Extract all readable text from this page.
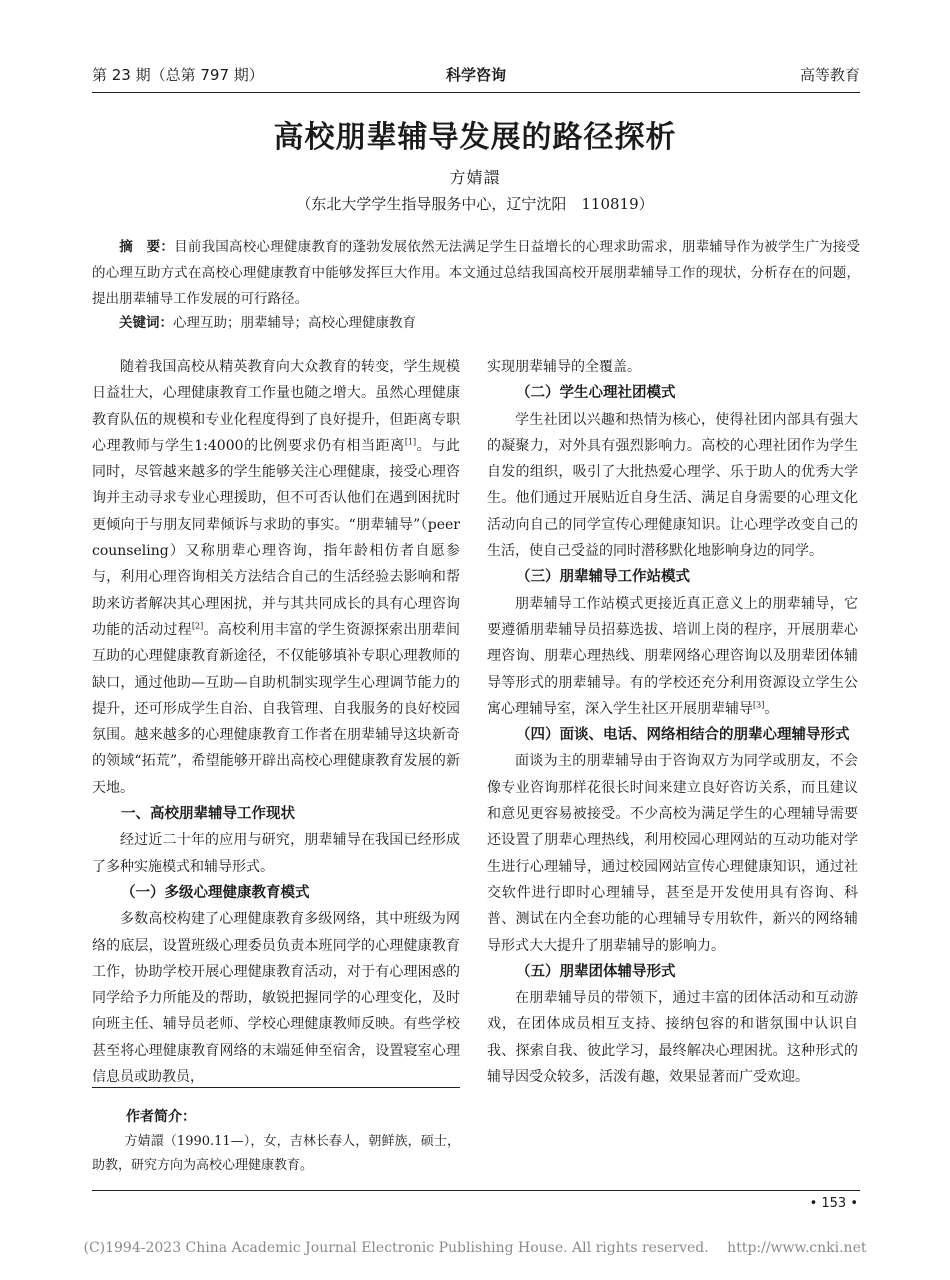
第 23 期（总第 797 期）	科学咨询	高等教育
高校朋辈辅导发展的路径探析
方婧譞
（东北大学学生指导服务中心，辽宁沈阳　110819）
摘　要：目前我国高校心理健康教育的蓬勃发展依然无法满足学生日益增长的心理求助需求，朋辈辅导作为被学生广为接受的心理互助方式在高校心理健康教育中能够发挥巨大作用。本文通过总结我国高校开展朋辈辅导工作的现状，分析存在的问题，提出朋辈辅导工作发展的可行路径。
关键词：心理互助；朋辈辅导；高校心理健康教育

随着我国高校从精英教育向大众教育的转变，学生规模日益壮大，心理健康教育工作量也随之增大。虽然心理健康教育队伍的规模和专业化程度得到了良好提升，但距离专职心理教师与学生1:4000的比例要求仍有相当距离[1]。与此同时，尽管越来越多的学生能够关注心理健康，接受心理咨询并主动寻求专业心理援助，但不可否认他们在遇到困扰时更倾向于与朋友同辈倾诉与求助的事实。“朋辈辅导”（peer counseling）又称朋辈心理咨询，指年龄相仿者自愿参与，利用心理咨询相关方法结合自己的生活经验去影响和帮助来访者解决其心理困扰，并与其共同成长的具有心理咨询功能的活动过程[2]。高校利用丰富的学生资源探索出朋辈间互助的心理健康教育新途径，不仅能够填补专职心理教师的缺口，通过他助—互助—自助机制实现学生心理调节能力的提升，还可形成学生自治、自我管理、自我服务的良好校园氛围。越来越多的心理健康教育工作者在朋辈辅导这块新奇的领域“拓荒”，希望能够开辟出高校心理健康教育发展的新天地。

一、高校朋辈辅导工作现状

经过近二十年的应用与研究，朋辈辅导在我国已经形成了多种实施模式和辅导形式。

（一）多级心理健康教育模式

多数高校构建了心理健康教育多级网络，其中班级为网络的底层，设置班级心理委员负责本班同学的心理健康教育工作，协助学校开展心理健康教育活动，对于有心理困惑的同学给予力所能及的帮助，敏锐把握同学的心理变化，及时向班主任、辅导员老师、学校心理健康教师反映。有些学校甚至将心理健康教育网络的末端延伸至宿舍，设置寝室心理信息员或助教员，

实现朋辈辅导的全覆盖。

（二）学生心理社团模式

学生社团以兴趣和热情为核心，使得社团内部具有强大的凝聚力，对外具有强烈影响力。高校的心理社团作为学生自发的组织，吸引了大批热爱心理学、乐于助人的优秀大学生。他们通过开展贴近自身生活、满足自身需要的心理文化活动向自己的同学宣传心理健康知识。让心理学改变自己的生活，使自己受益的同时潜移默化地影响身边的同学。

（三）朋辈辅导工作站模式

朋辈辅导工作站模式更接近真正意义上的朋辈辅导，它要遵循朋辈辅导员招募选拔、培训上岗的程序，开展朋辈心理咨询、朋辈心理热线、朋辈网络心理咨询以及朋辈团体辅导等形式的朋辈辅导。有的学校还充分利用资源设立学生公寓心理辅导室，深入学生社区开展朋辈辅导[3]。

（四）面谈、电话、网络相结合的朋辈心理辅导形式

面谈为主的朋辈辅导由于咨询双方为同学或朋友，不会像专业咨询那样花很长时间来建立良好咨访关系，而且建议和意见更容易被接受。不少高校为满足学生的心理辅导需要还设置了朋辈心理热线，利用校园心理网站的互动功能对学生进行心理辅导，通过校园网站宣传心理健康知识，通过社交软件进行即时心理辅导，甚至是开发使用具有咨询、科普、测试在内全套功能的心理辅导专用软件，新兴的网络辅导形式大大提升了朋辈辅导的影响力。

（五）朋辈团体辅导形式

在朋辈辅导员的带领下，通过丰富的团体活动和互动游戏，在团体成员相互支持、接纳包容的和谐氛围中认识自我、探索自我、彼此学习，最终解决心理困扰。这种形式的辅导因受众较多，活泼有趣，效果显著而广受欢迎。

作者简介：
方婧譞（1990.11—），女，吉林长春人，朝鲜族，硕士，助教，研究方向为高校心理健康教育。
• 153 •
(C)1994-2023 China Academic Journal Electronic Publishing House. All rights reserved.　 http://www.cnki.net
